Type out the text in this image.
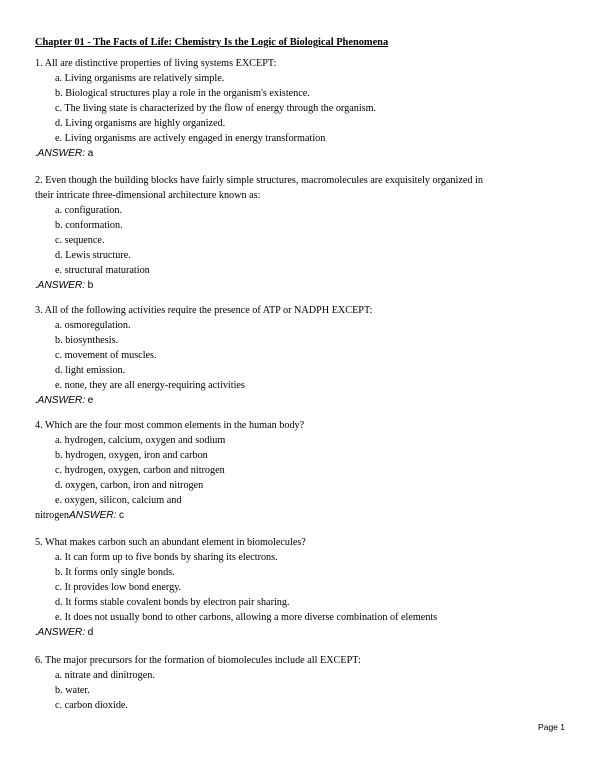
Chapter 01 - The Facts of Life: Chemistry Is the Logic of Biological Phenomena

1. All are distinctive properties of living systems EXCEPT:

a. Living organisms are relatively simple.

b. Biological structures play a role in the organism's existence.

c. The living state is characterized by the flow of energy through the organism.

d. Living organisms are highly organized.

e. Living organisms are actively engaged in energy transformation

.ANSWER: a

2. Even though the building blocks have fairly simple structures, macromolecules are exquisitely organized in

their intricate three-dimensional architecture known as:

a. configuration.

b. conformation.

c. sequence.

d. Lewis structure.

e. structural maturation

.ANSWER: b

3. All of the following activities require the presence of ATP or NADPH EXCEPT:

a. osmoregulation.

b. biosynthesis.

c. movement of muscles.

d. light emission.

e. none, they are all energy-requiring activities

.ANSWER: e

4. Which are the four most common elements in the human body?

a. hydrogen, calcium, oxygen and sodium

b. hydrogen, oxygen, iron and carbon

c. hydrogen, oxygen, carbon and nitrogen

d. oxygen, carbon, iron and nitrogen

e. oxygen, silicon, calcium and

nitrogenANSWER: c

5. What makes carbon such an abundant element in biomolecules?

a. It can form up to five bonds by sharing its electrons.

b. It forms only single bonds.

c. It provides low bond energy.

d. It forms stable covalent bonds by electron pair sharing.

e. It does not usually bond to other carbons, allowing a more diverse combination of elements

.ANSWER: d

6. The major precursors for the formation of biomolecules include all EXCEPT:

a. nitrate and dinitrogen.

b. water.

c. carbon dioxide.

Page 1
